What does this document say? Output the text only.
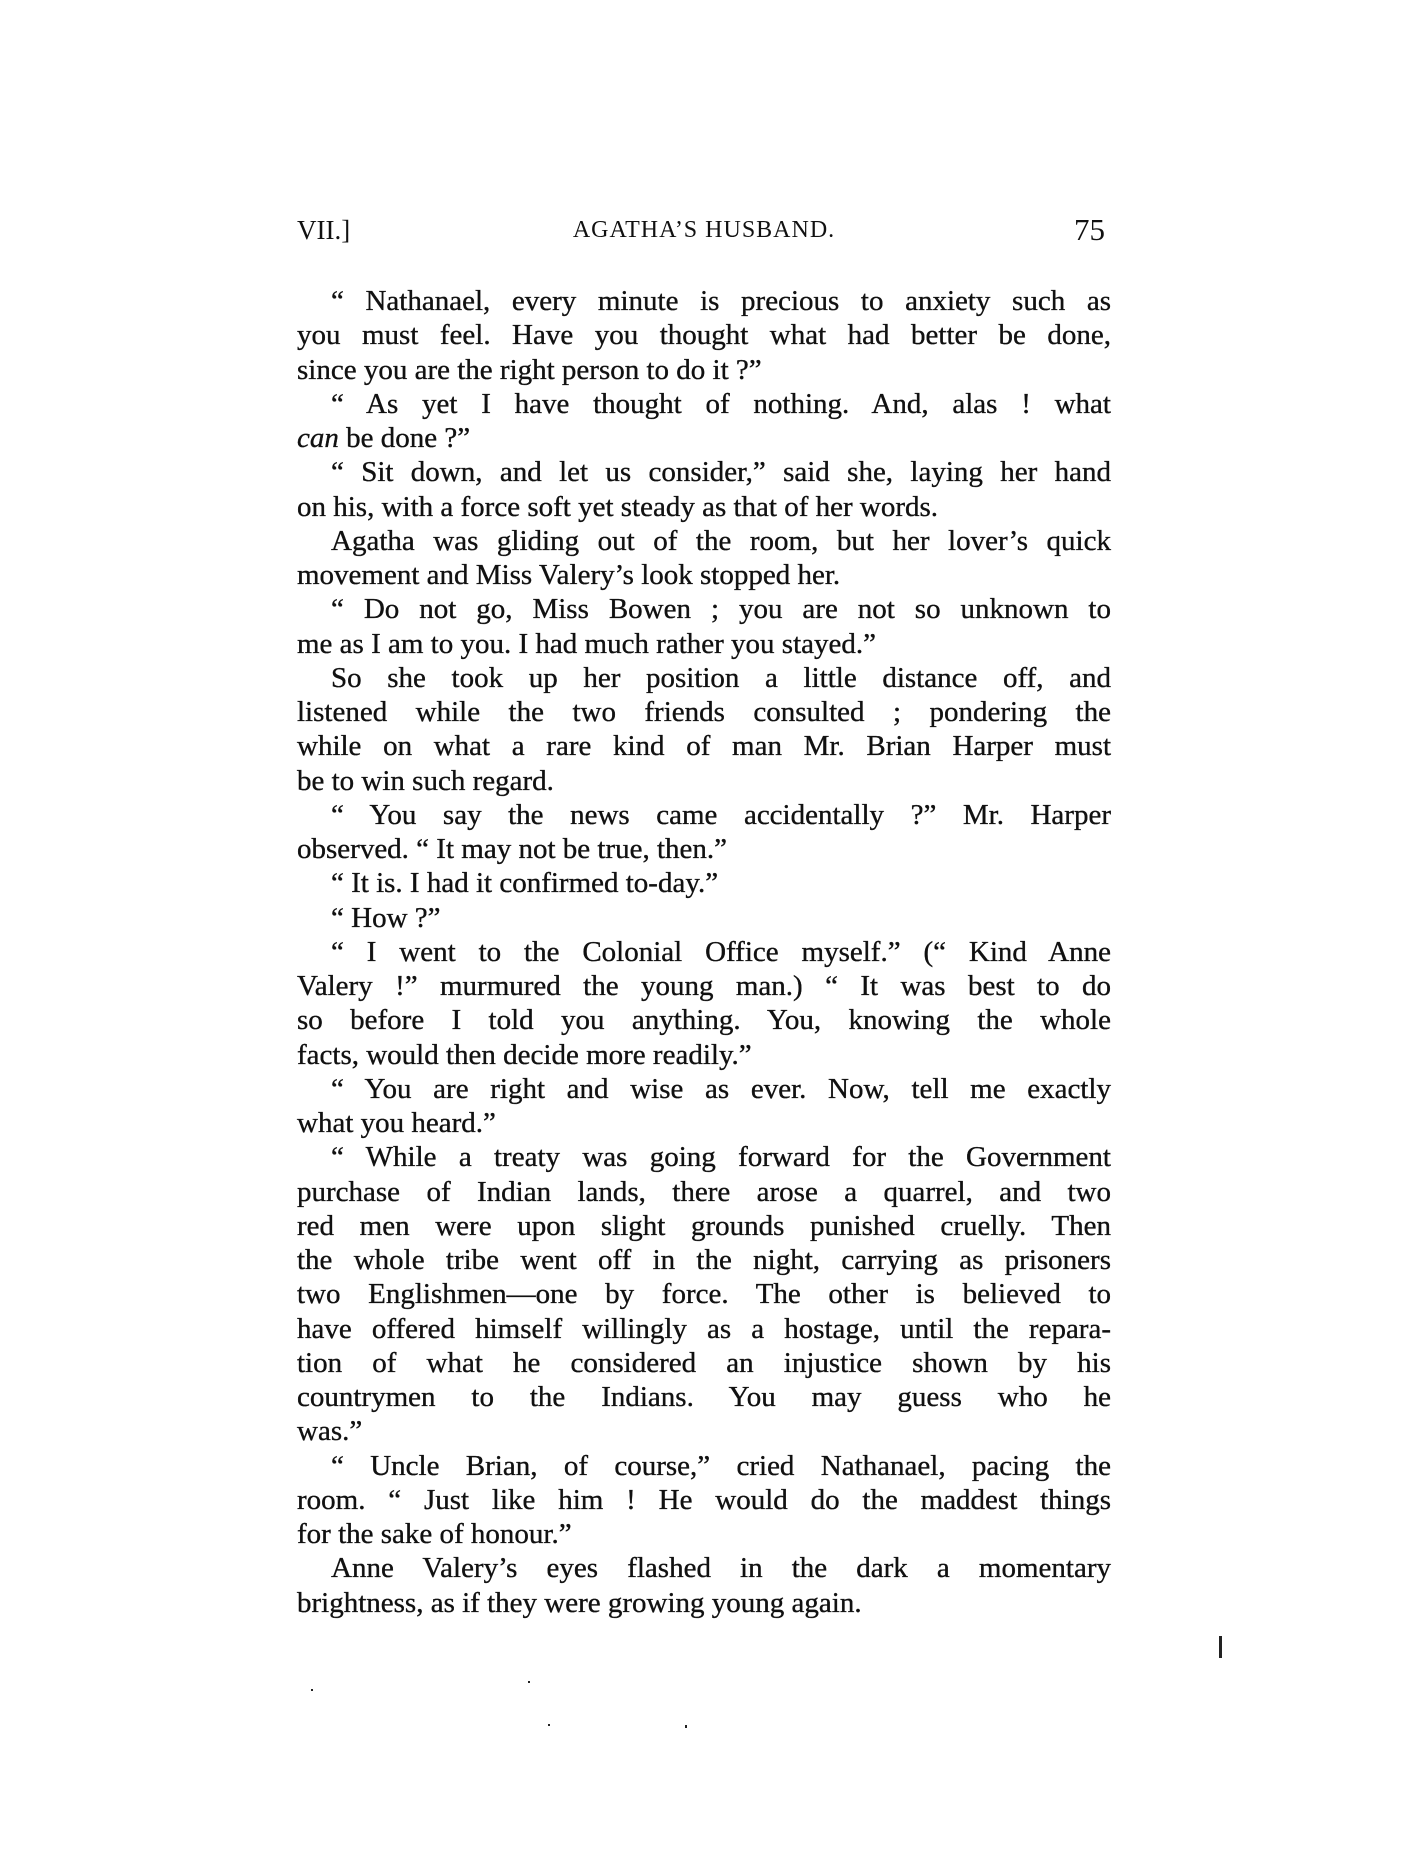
VII.]	AGATHA’S HUSBAND.	75
“ Nathanael, every minute is precious to anxiety such as
you must feel. Have you thought what had better be done,
since you are the right person to do it ?”
“ As yet I have thought of nothing. And, alas ! what
can be done ?”
“ Sit down, and let us consider,” said she, laying her hand
on his, with a force soft yet steady as that of her words.
Agatha was gliding out of the room, but her lover’s quick
movement and Miss Valery’s look stopped her.
“ Do not go, Miss Bowen ; you are not so unknown to
me as I am to you. I had much rather you stayed.”
So she took up her position a little distance off, and
listened while the two friends consulted ; pondering the
while on what a rare kind of man Mr. Brian Harper must
be to win such regard.
“ You say the news came accidentally ?” Mr. Harper
observed. “ It may not be true, then.”
“ It is. I had it confirmed to-day.”
“ How ?”
“ I went to the Colonial Office myself.” (“ Kind Anne
Valery !” murmured the young man.) “ It was best to do
so before I told you anything. You, knowing the whole
facts, would then decide more readily.”
“ You are right and wise as ever. Now, tell me exactly
what you heard.”
“ While a treaty was going forward for the Government
purchase of Indian lands, there arose a quarrel, and two
red men were upon slight grounds punished cruelly. Then
the whole tribe went off in the night, carrying as prisoners
two Englishmen—one by force. The other is believed to
have offered himself willingly as a hostage, until the repara-
tion of what he considered an injustice shown by his
countrymen to the Indians. You may guess who he
was.”
“ Uncle Brian, of course,” cried Nathanael, pacing the
room. “ Just like him ! He would do the maddest things
for the sake of honour.”
Anne Valery’s eyes flashed in the dark a momentary
brightness, as if they were growing young again.
